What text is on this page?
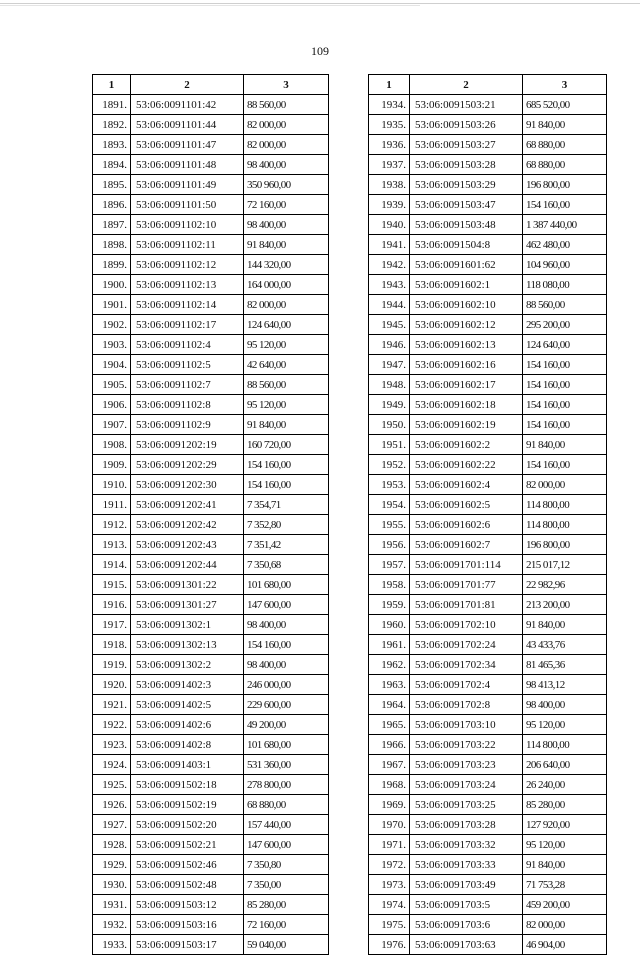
109
1	2	3
1891.	53:06:0091101:42	88 560,00
1892.	53:06:0091101:44	82 000,00
1893.	53:06:0091101:47	82 000,00
1894.	53:06:0091101:48	98 400,00
1895.	53:06:0091101:49	350 960,00
1896.	53:06:0091101:50	72 160,00
1897.	53:06:0091102:10	98 400,00
1898.	53:06:0091102:11	91 840,00
1899.	53:06:0091102:12	144 320,00
1900.	53:06:0091102:13	164 000,00
1901.	53:06:0091102:14	82 000,00
1902.	53:06:0091102:17	124 640,00
1903.	53:06:0091102:4	95 120,00
1904.	53:06:0091102:5	42 640,00
1905.	53:06:0091102:7	88 560,00
1906.	53:06:0091102:8	95 120,00
1907.	53:06:0091102:9	91 840,00
1908.	53:06:0091202:19	160 720,00
1909.	53:06:0091202:29	154 160,00
1910.	53:06:0091202:30	154 160,00
1911.	53:06:0091202:41	7 354,71
1912.	53:06:0091202:42	7 352,80
1913.	53:06:0091202:43	7 351,42
1914.	53:06:0091202:44	7 350,68
1915.	53:06:0091301:22	101 680,00
1916.	53:06:0091301:27	147 600,00
1917.	53:06:0091302:1	98 400,00
1918.	53:06:0091302:13	154 160,00
1919.	53:06:0091302:2	98 400,00
1920.	53:06:0091402:3	246 000,00
1921.	53:06:0091402:5	229 600,00
1922.	53:06:0091402:6	49 200,00
1923.	53:06:0091402:8	101 680,00
1924.	53:06:0091403:1	531 360,00
1925.	53:06:0091502:18	278 800,00
1926.	53:06:0091502:19	68 880,00
1927.	53:06:0091502:20	157 440,00
1928.	53:06:0091502:21	147 600,00
1929.	53:06:0091502:46	7 350,80
1930.	53:06:0091502:48	7 350,00
1931.	53:06:0091503:12	85 280,00
1932.	53:06:0091503:16	72 160,00
1933.	53:06:0091503:17	59 040,00
1	2	3
1934.	53:06:0091503:21	685 520,00
1935.	53:06:0091503:26	91 840,00
1936.	53:06:0091503:27	68 880,00
1937.	53:06:0091503:28	68 880,00
1938.	53:06:0091503:29	196 800,00
1939.	53:06:0091503:47	154 160,00
1940.	53:06:0091503:48	1 387 440,00
1941.	53:06:0091504:8	462 480,00
1942.	53:06:0091601:62	104 960,00
1943.	53:06:0091602:1	118 080,00
1944.	53:06:0091602:10	88 560,00
1945.	53:06:0091602:12	295 200,00
1946.	53:06:0091602:13	124 640,00
1947.	53:06:0091602:16	154 160,00
1948.	53:06:0091602:17	154 160,00
1949.	53:06:0091602:18	154 160,00
1950.	53:06:0091602:19	154 160,00
1951.	53:06:0091602:2	91 840,00
1952.	53:06:0091602:22	154 160,00
1953.	53:06:0091602:4	82 000,00
1954.	53:06:0091602:5	114 800,00
1955.	53:06:0091602:6	114 800,00
1956.	53:06:0091602:7	196 800,00
1957.	53:06:0091701:114	215 017,12
1958.	53:06:0091701:77	22 982,96
1959.	53:06:0091701:81	213 200,00
1960.	53:06:0091702:10	91 840,00
1961.	53:06:0091702:24	43 433,76
1962.	53:06:0091702:34	81 465,36
1963.	53:06:0091702:4	98 413,12
1964.	53:06:0091702:8	98 400,00
1965.	53:06:0091703:10	95 120,00
1966.	53:06:0091703:22	114 800,00
1967.	53:06:0091703:23	206 640,00
1968.	53:06:0091703:24	26 240,00
1969.	53:06:0091703:25	85 280,00
1970.	53:06:0091703:28	127 920,00
1971.	53:06:0091703:32	95 120,00
1972.	53:06:0091703:33	91 840,00
1973.	53:06:0091703:49	71 753,28
1974.	53:06:0091703:5	459 200,00
1975.	53:06:0091703:6	82 000,00
1976.	53:06:0091703:63	46 904,00
